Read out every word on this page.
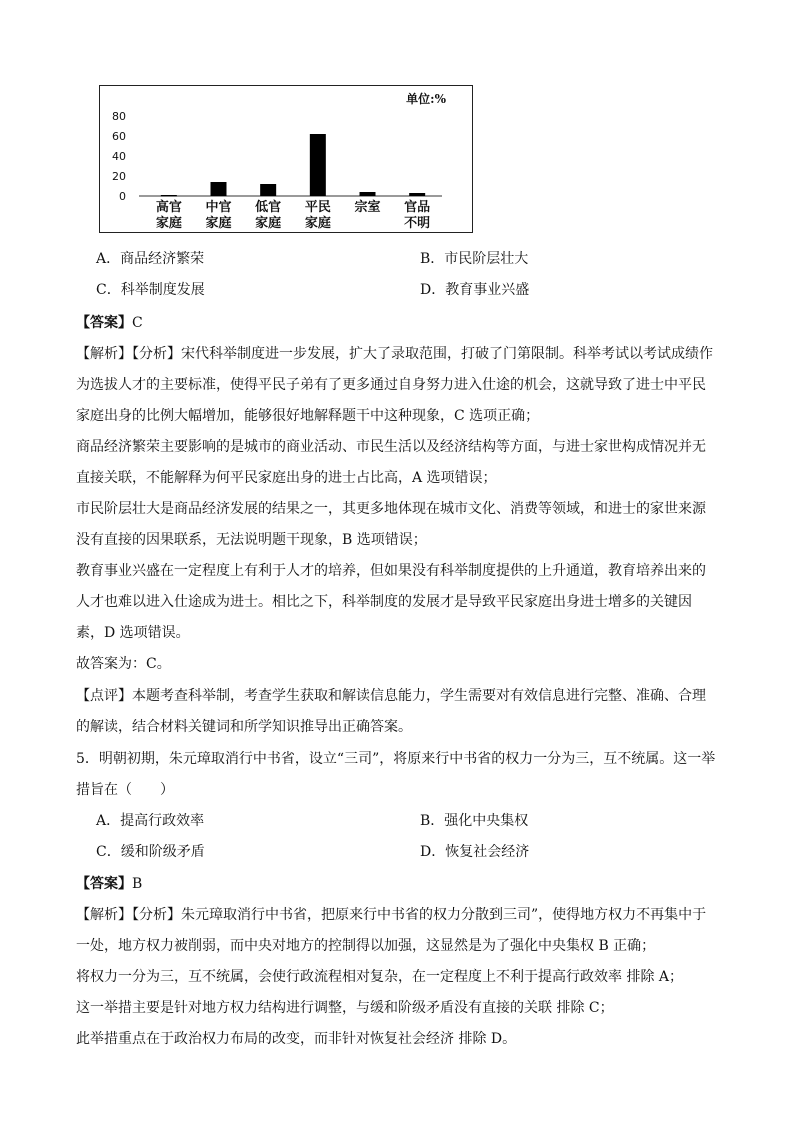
单位:%
80
60
40
20
0
高官
家庭
中官
家庭
低官
家庭
平民
家庭
宗室 官品
不明
A．商品经济繁荣	B．市民阶层壮大
C．科举制度发展	D．教育事业兴盛
【答案】C
【解析】【分析】宋代科举制度进一步发展，扩大了录取范围，打破了门第限制。科举考试以考试成绩作
为选拔人才的主要标准，使得平民子弟有了更多通过自身努力进入仕途的机会，这就导致了进士中平民
家庭出身的比例大幅增加，能够很好地解释题干中这种现象，C 选项正确；
商品经济繁荣主要影响的是城市的商业活动、市民生活以及经济结构等方面，与进士家世构成情况并无
直接关联，不能解释为何平民家庭出身的进士占比高，A 选项错误；
市民阶层壮大是商品经济发展的结果之一，其更多地体现在城市文化、消费等领域，和进士的家世来源
没有直接的因果联系，无法说明题干现象，B 选项错误；
教育事业兴盛在一定程度上有利于人才的培养，但如果没有科举制度提供的上升通道，教育培养出来的
人才也难以进入仕途成为进士。相比之下，科举制度的发展才是导致平民家庭出身进士增多的关键因
素，D 选项错误。
故答案为：C。
【点评】本题考查科举制，考查学生获取和解读信息能力，学生需要对有效信息进行完整、准确、合理
的解读，结合材料关键词和所学知识推导出正确答案。
5．明朝初期，朱元璋取消行中书省，设立“三司”，将原来行中书省的权力一分为三，互不统属。这一举
措旨在（　　）
A．提高行政效率	B．强化中央集权
C．缓和阶级矛盾	D．恢复社会经济
【答案】B
【解析】【分析】朱元璋取消行中书省，把原来行中书省的权力分散到三司”，使得地方权力不再集中于
一处，地方权力被削弱，而中央对地方的控制得以加强，这显然是为了强化中央集权 B 正确；
将权力一分为三，互不统属，会使行政流程相对复杂，在一定程度上不利于提高行政效率 排除 A；
这一举措主要是针对地方权力结构进行调整，与缓和阶级矛盾没有直接的关联 排除 C；
此举措重点在于政治权力布局的改变，而非针对恢复社会经济 排除 D。
